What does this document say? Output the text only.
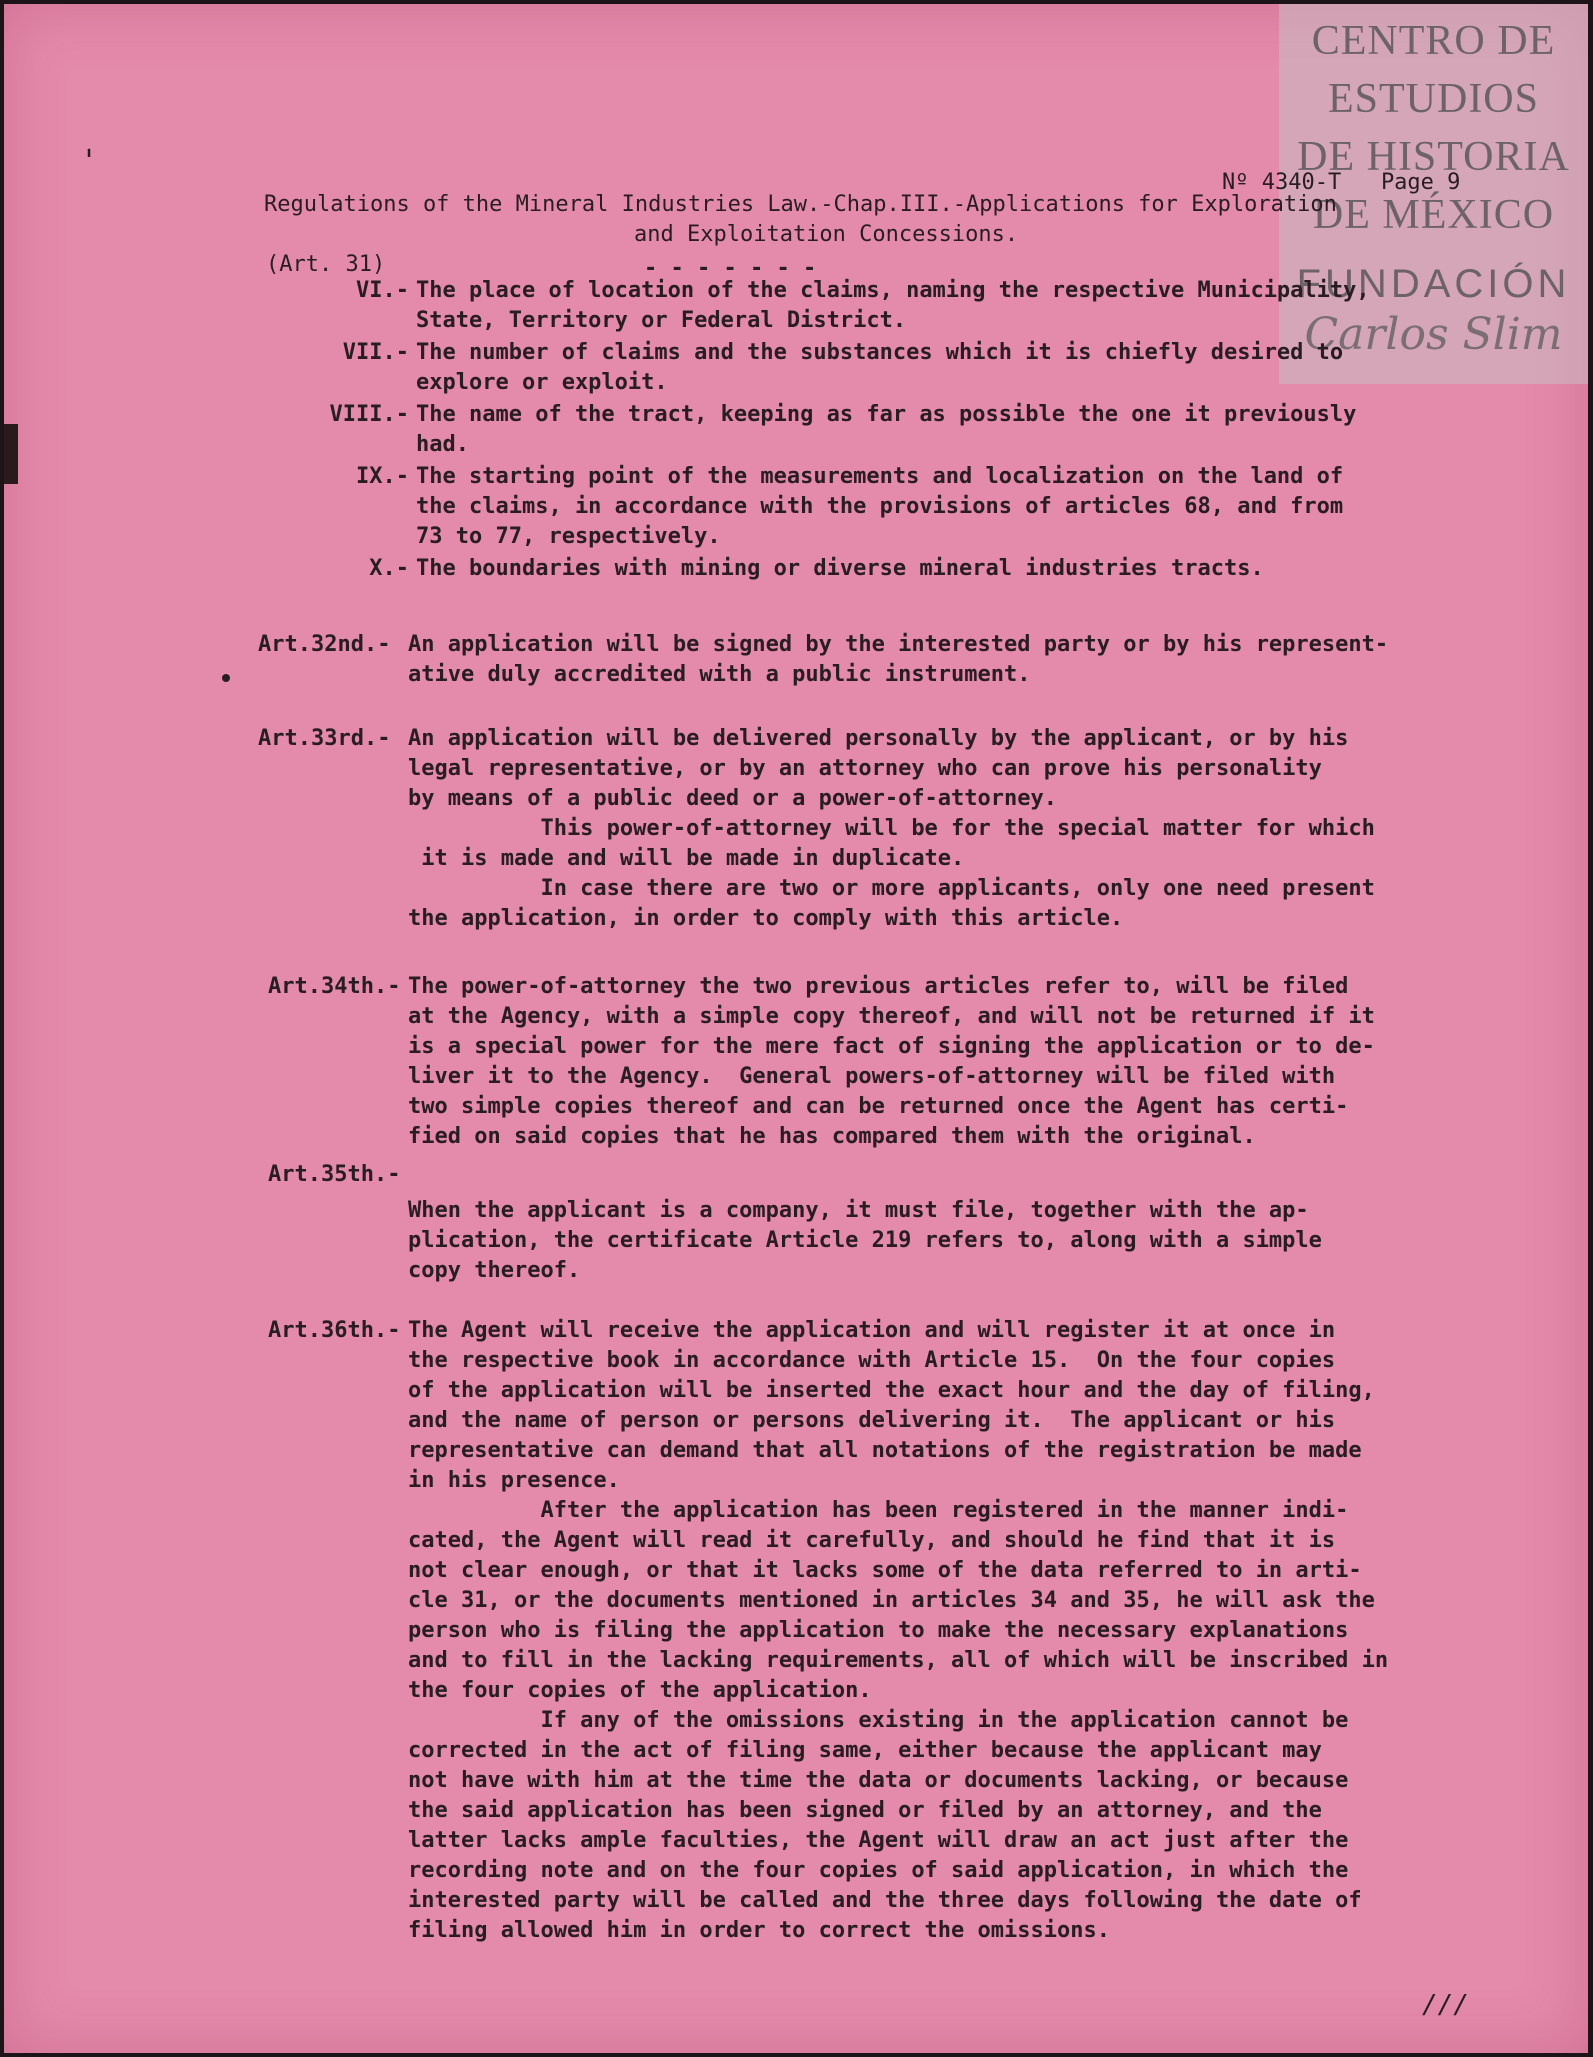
CENTRO DE
ESTUDIOS
DE HISTORIA
DE MÉXICO
FUNDACIÓN
Carlos Slim
'
Nº 4340-T   Page 9
Regulations of the Mineral Industries Law.-Chap.III.-Applications for Exploration
and Exploitation Concessions.
(Art. 31)	- - - - - - -
VI.- The place of location of the claims, naming the respective Municipality,
State, Territory or Federal District.
VII.- The number of claims and the substances which it is chiefly desired to
explore or exploit.
VIII.- The name of the tract, keeping as far as possible the one it previously
had.
IX.- The starting point of the measurements and localization on the land of
the claims, in accordance with the provisions of articles 68, and from
73 to 77, respectively.
X.- The boundaries with mining or diverse mineral industries tracts.
Art.32nd.- An application will be signed by the interested party or by his represent-
ative duly accredited with a public instrument.
Art.33rd.- An application will be delivered personally by the applicant, or by his
legal representative, or by an attorney who can prove his personality
by means of a public deed or a power-of-attorney.
This power-of-attorney will be for the special matter for which
it is made and will be made in duplicate.
In case there are two or more applicants, only one need present
the application, in order to comply with this article.
Art.34th.- The power-of-attorney the two previous articles refer to, will be filed
at the Agency, with a simple copy thereof, and will not be returned if it
is a special power for the mere fact of signing the application or to de-
liver it to the Agency.  General powers-of-attorney will be filed with
two simple copies thereof and can be returned once the Agent has certi-
fied on said copies that he has compared them with the original.
Art.35th.-
When the applicant is a company, it must file, together with the ap-
plication, the certificate Article 219 refers to, along with a simple
copy thereof.
Art.36th.- The Agent will receive the application and will register it at once in
the respective book in accordance with Article 15.  On the four copies
of the application will be inserted the exact hour and the day of filing,
and the name of person or persons delivering it.  The applicant or his
representative can demand that all notations of the registration be made
in his presence.
After the application has been registered in the manner indi-
cated, the Agent will read it carefully, and should he find that it is
not clear enough, or that it lacks some of the data referred to in arti-
cle 31, or the documents mentioned in articles 34 and 35, he will ask the
person who is filing the application to make the necessary explanations
and to fill in the lacking requirements, all of which will be inscribed in
the four copies of the application.
If any of the omissions existing in the application cannot be
corrected in the act of filing same, either because the applicant may
not have with him at the time the data or documents lacking, or because
the said application has been signed or filed by an attorney, and the
latter lacks ample faculties, the Agent will draw an act just after the
recording note and on the four copies of said application, in which the
interested party will be called and the three days following the date of
filing allowed him in order to correct the omissions.
///
